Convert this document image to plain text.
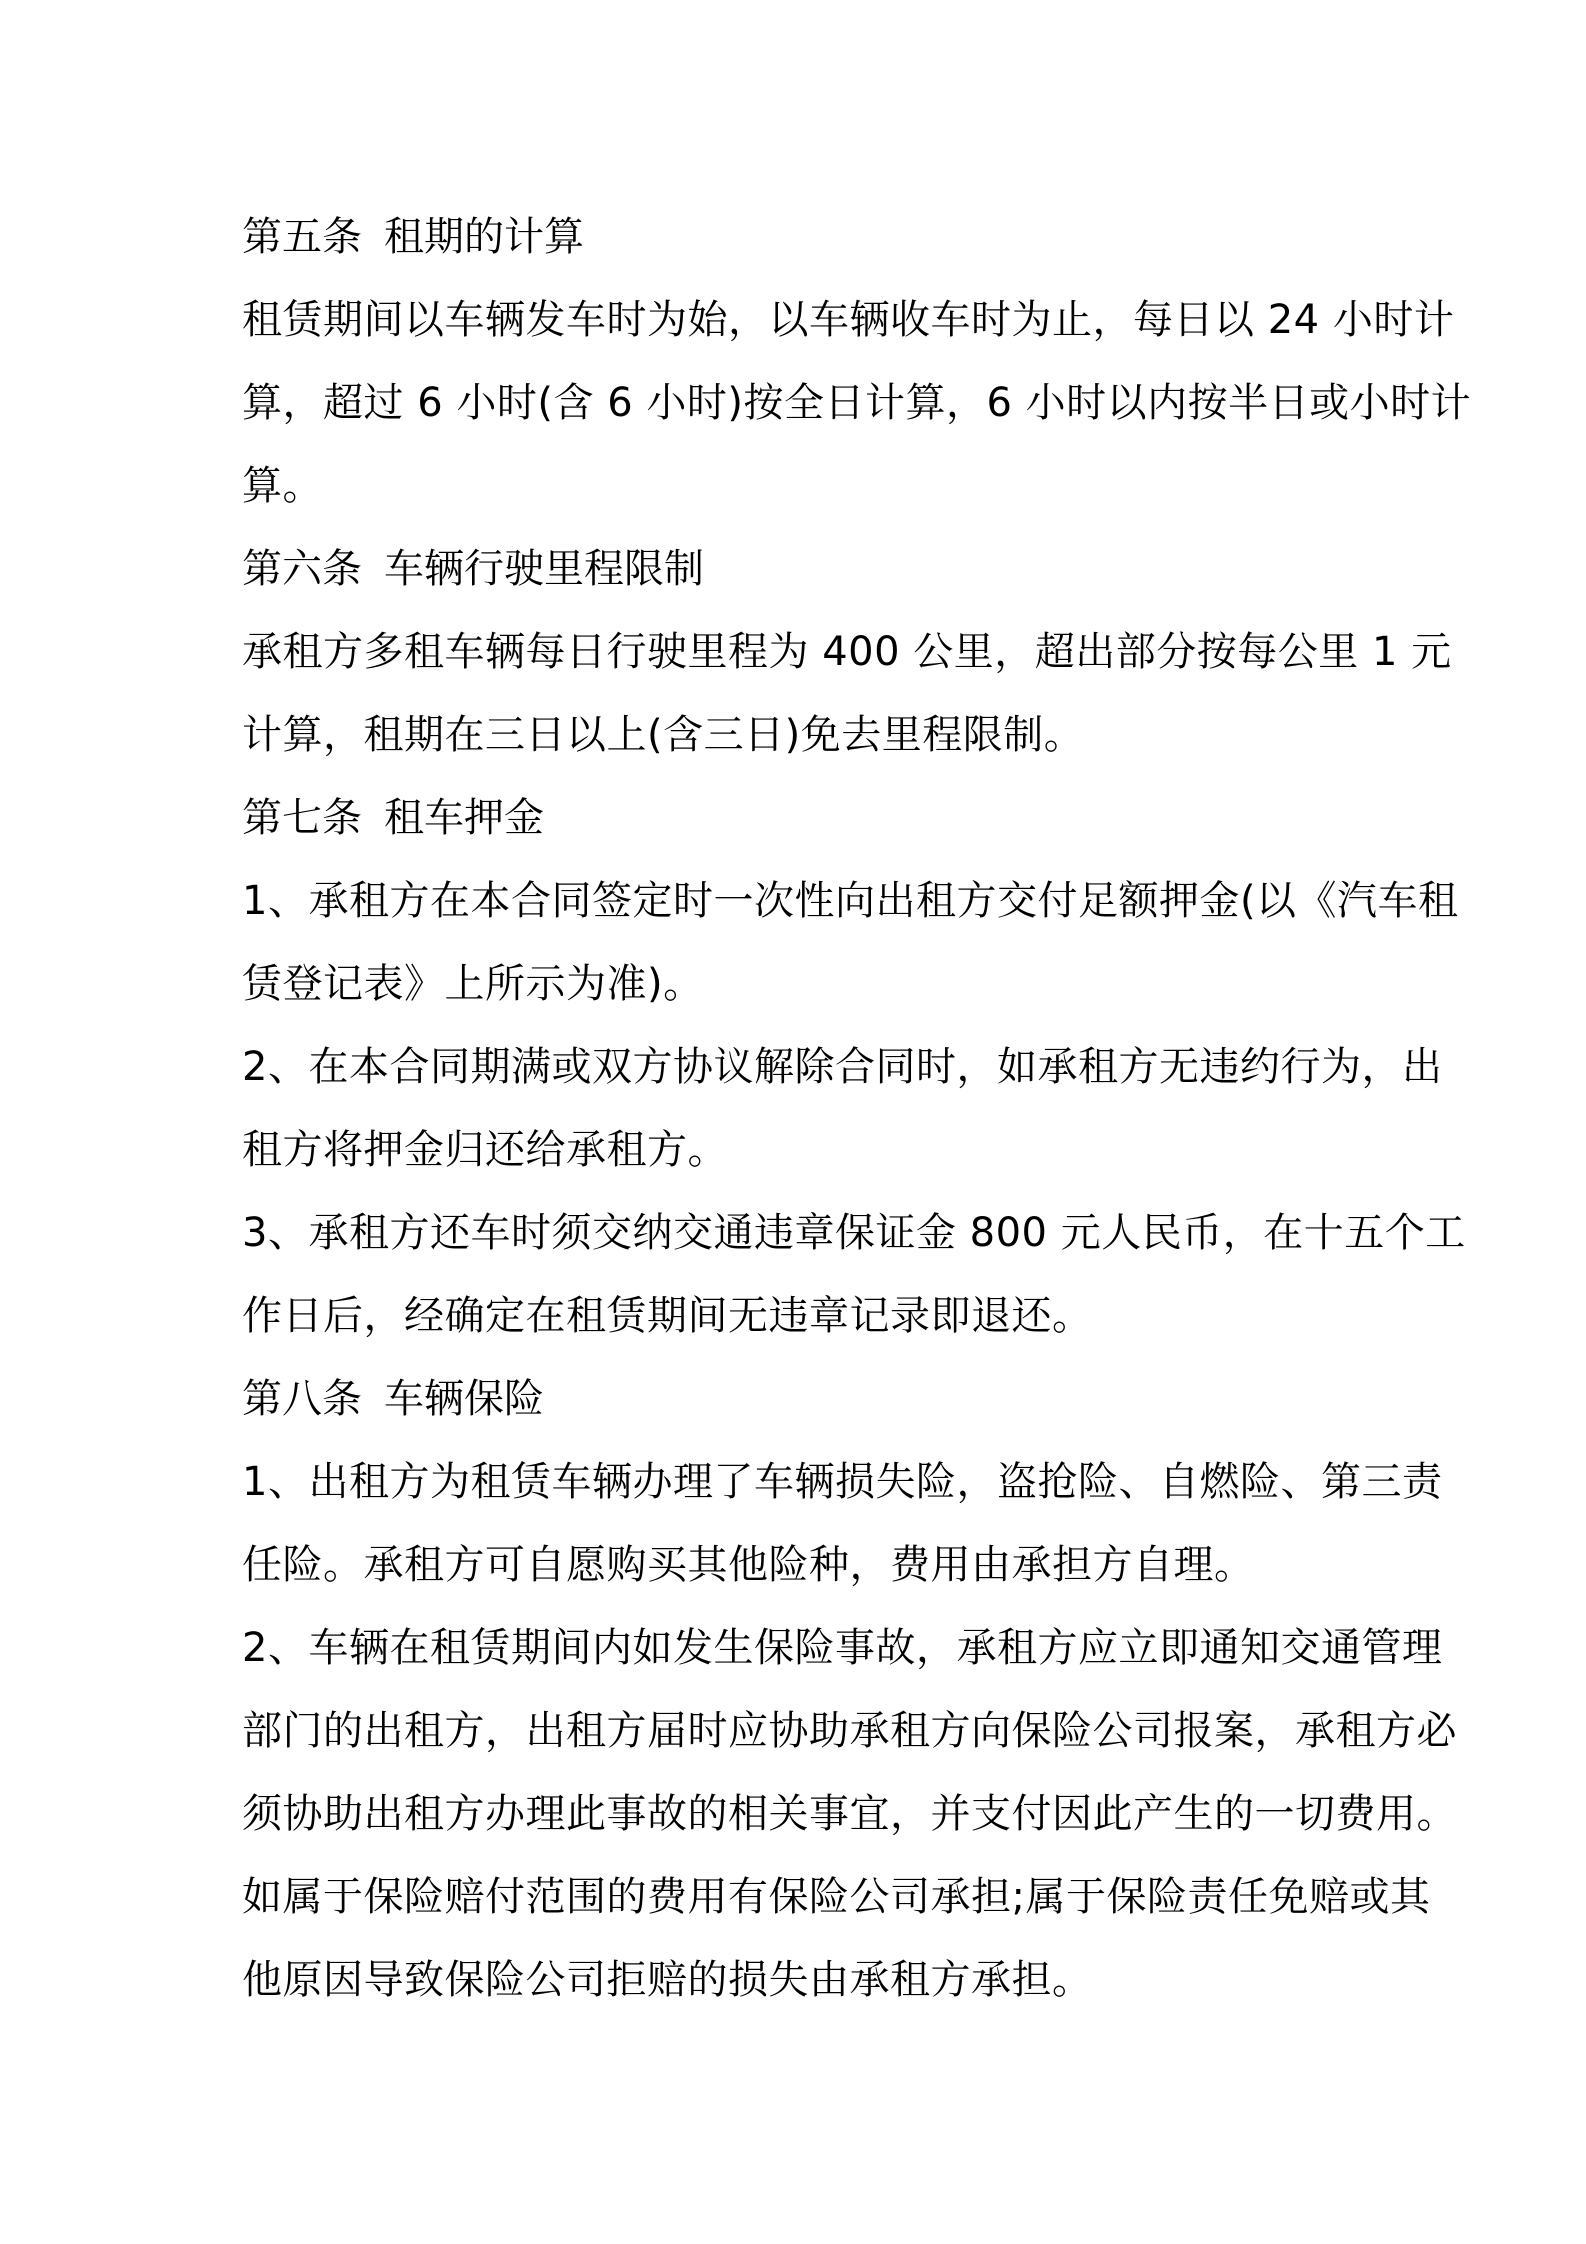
第五条 租期的计算
租赁期间以车辆发车时为始，以车辆收车时为止，每日以 24 小时计
算，超过 6 小时(含 6 小时)按全日计算，6 小时以内按半日或小时计
算。
第六条 车辆行驶里程限制
承租方多租车辆每日行驶里程为 400 公里，超出部分按每公里 1 元
计算，租期在三日以上(含三日)免去里程限制。
第七条 租车押金
1、承租方在本合同签定时一次性向出租方交付足额押金(以《汽车租
赁登记表》上所示为准)。
2、在本合同期满或双方协议解除合同时，如承租方无违约行为，出
租方将押金归还给承租方。
3、承租方还车时须交纳交通违章保证金 800 元人民币，在十五个工
作日后，经确定在租赁期间无违章记录即退还。
第八条 车辆保险
1、出租方为租赁车辆办理了车辆损失险，盗抢险、自燃险、第三责
任险。承租方可自愿购买其他险种，费用由承担方自理。
2、车辆在租赁期间内如发生保险事故，承租方应立即通知交通管理
部门的出租方，出租方届时应协助承租方向保险公司报案，承租方必
须协助出租方办理此事故的相关事宜，并支付因此产生的一切费用。
如属于保险赔付范围的费用有保险公司承担;属于保险责任免赔或其
他原因导致保险公司拒赔的损失由承租方承担。
